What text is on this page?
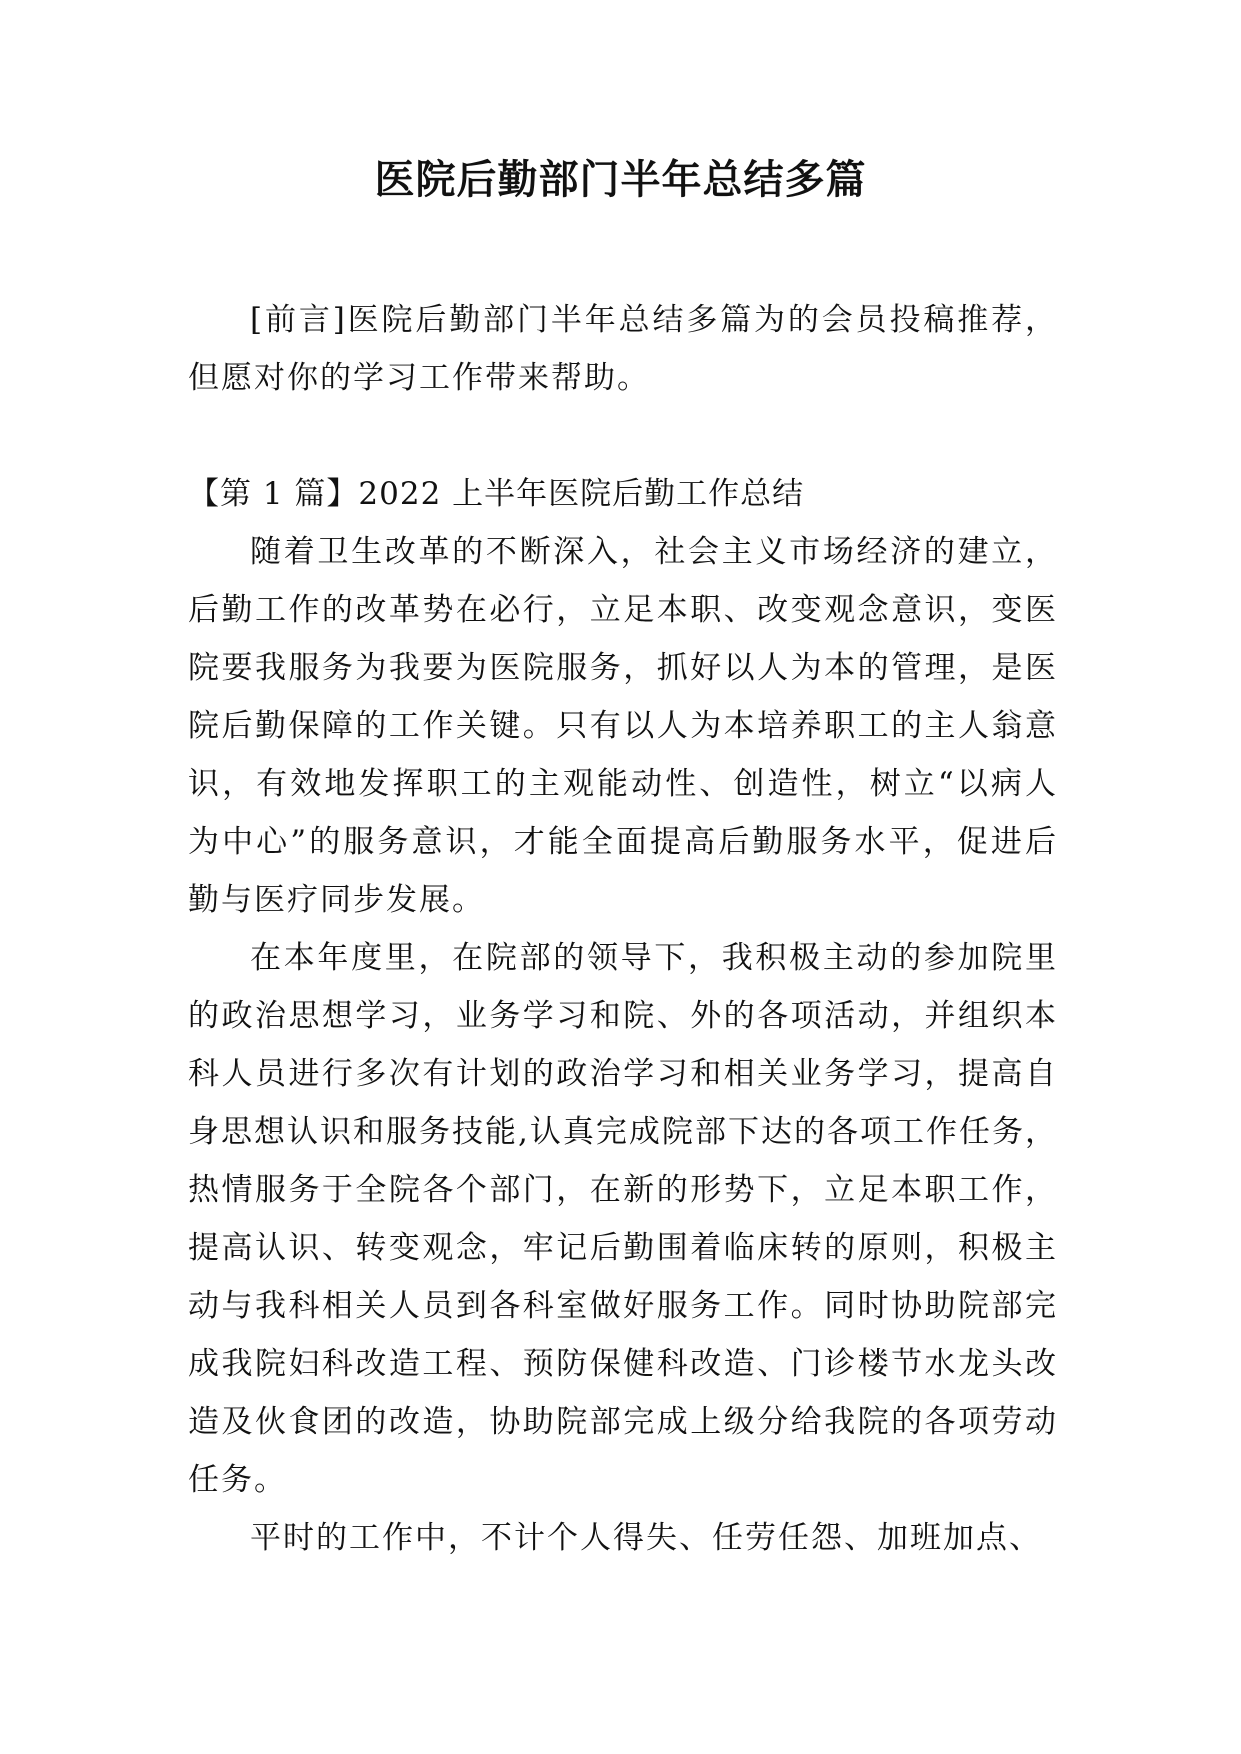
医院后勤部门半年总结多篇

[前言]医院后勤部门半年总结多篇为的会员投稿推荐，但愿对你的学习工作带来帮助。

【第 1 篇】2022 上半年医院后勤工作总结

随着卫生改革的不断深入，社会主义市场经济的建立，后勤工作的改革势在必行，立足本职、改变观念意识，变医院要我服务为我要为医院服务，抓好以人为本的管理，是医院后勤保障的工作关键。只有以人为本培养职工的主人翁意识，有效地发挥职工的主观能动性、创造性，树立“以病人为中心”的服务意识，才能全面提高后勤服务水平，促进后勤与医疗同步发展。

在本年度里，在院部的领导下，我积极主动的参加院里的政治思想学习，业务学习和院、外的各项活动，并组织本科人员进行多次有计划的政治学习和相关业务学习，提高自身思想认识和服务技能,认真完成院部下达的各项工作任务，热情服务于全院各个部门，在新的形势下，立足本职工作，提高认识、转变观念，牢记后勤围着临床转的原则，积极主动与我科相关人员到各科室做好服务工作。同时协助院部完成我院妇科改造工程、预防保健科改造、门诊楼节水龙头改造及伙食团的改造，协助院部完成上级分给我院的各项劳动任务。

平时的工作中，不计个人得失、任劳任怨、加班加点、
